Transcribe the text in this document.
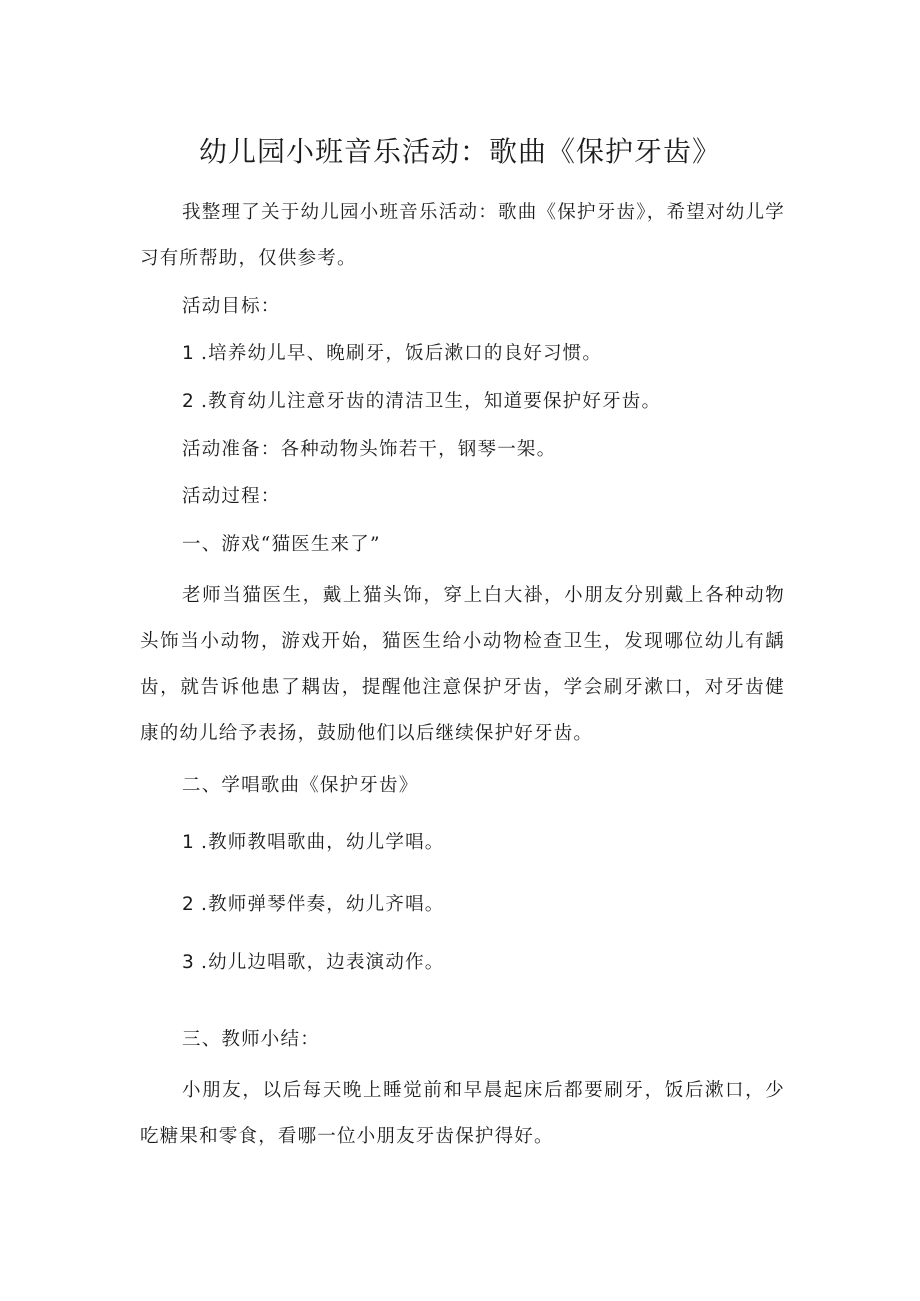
幼儿园小班音乐活动：歌曲《保护牙齿》

我整理了关于幼儿园小班音乐活动：歌曲《保护牙齿》，希望对幼儿学习有所帮助，仅供参考。

活动目标：

1 .培养幼儿早、晚刷牙，饭后漱口的良好习惯。

2 .教育幼儿注意牙齿的清洁卫生，知道要保护好牙齿。

活动准备：各种动物头饰若干，钢琴一架。

活动过程：

一、游戏“猫医生来了”

老师当猫医生，戴上猫头饰，穿上白大褂，小朋友分别戴上各种动物头饰当小动物，游戏开始，猫医生给小动物检查卫生，发现哪位幼儿有龋齿，就告诉他患了耦齿，提醒他注意保护牙齿，学会刷牙漱口，对牙齿健康的幼儿给予表扬，鼓励他们以后继续保护好牙齿。

二、学唱歌曲《保护牙齿》

1 .教师教唱歌曲，幼儿学唱。

2 .教师弹琴伴奏，幼儿齐唱。

3 .幼儿边唱歌，边表演动作。

三、教师小结：

小朋友，以后每天晚上睡觉前和早晨起床后都要刷牙，饭后漱口，少吃糖果和零食，看哪一位小朋友牙齿保护得好。
